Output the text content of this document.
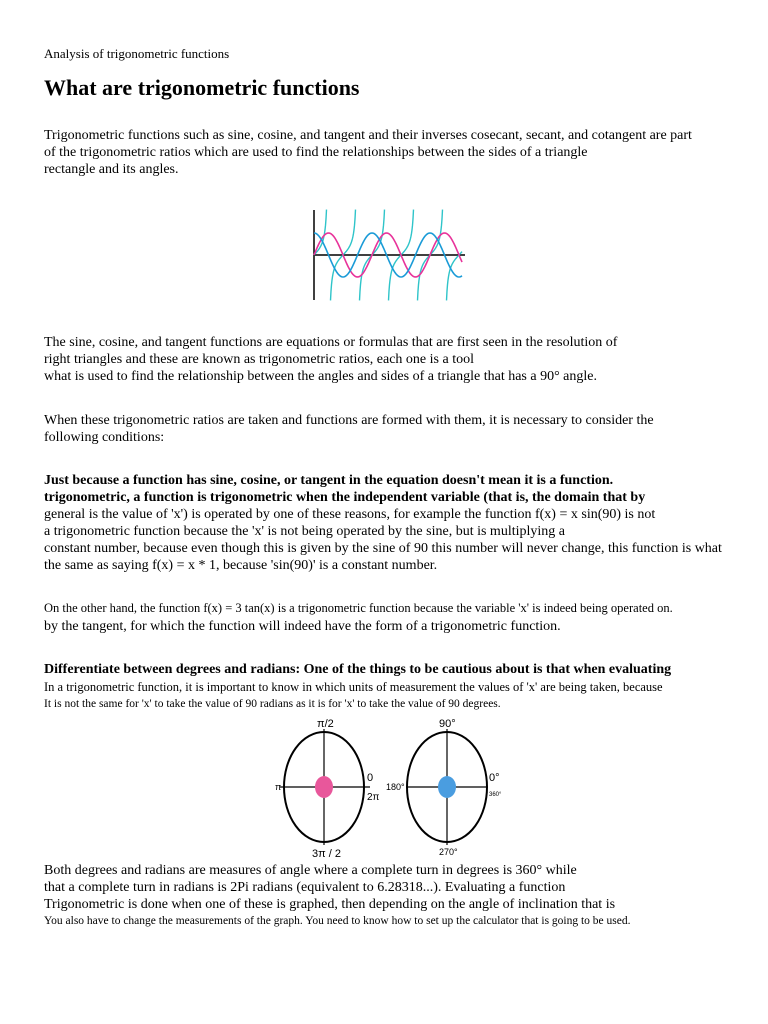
Analysis of trigonometric functions
What are trigonometric functions
Trigonometric functions such as sine, cosine, and tangent and their inverses cosecant, secant, and cotangent are part
of the trigonometric ratios which are used to find the relationships between the sides of a triangle
rectangle and its angles.
The sine, cosine, and tangent functions are equations or formulas that are first seen in the resolution of
right triangles and these are known as trigonometric ratios, each one is a tool
what is used to find the relationship between the angles and sides of a triangle that has a 90° angle.
When these trigonometric ratios are taken and functions are formed with them, it is necessary to consider the
following conditions:
Just because a function has sine, cosine, or tangent in the equation doesn't mean it is a function.
trigonometric, a function is trigonometric when the independent variable (that is, the domain that by
general is the value of 'x') is operated by one of these reasons, for example the function f(x) = x sin(90) is not
a trigonometric function because the 'x' is not being operated by the sine, but is multiplying a
constant number, because even though this is given by the sine of 90 this number will never change, this function is what
the same as saying f(x) = x * 1, because 'sin(90)' is a constant number.
On the other hand, the function f(x) = 3 tan(x) is a trigonometric function because the variable 'x' is indeed being operated on.
by the tangent, for which the function will indeed have the form of a trigonometric function.
Differentiate between degrees and radians: One of the things to be cautious about is that when evaluating
In a trigonometric function, it is important to know in which units of measurement the values of 'x' are being taken, because
It is not the same for 'x' to take the value of 90 radians as it is for 'x' to take the value of 90 degrees.
Both degrees and radians are measures of angle where a complete turn in degrees is 360° while
that a complete turn in radians is 2Pi radians (equivalent to 6.28318...). Evaluating a function
Trigonometric is done when one of these is graphed, then depending on the angle of inclination that is
You also have to change the measurements of the graph. You need to know how to set up the calculator that is going to be used.
π/2
π
0
2π
3π / 2
90°
180°
0°
360°
270°
